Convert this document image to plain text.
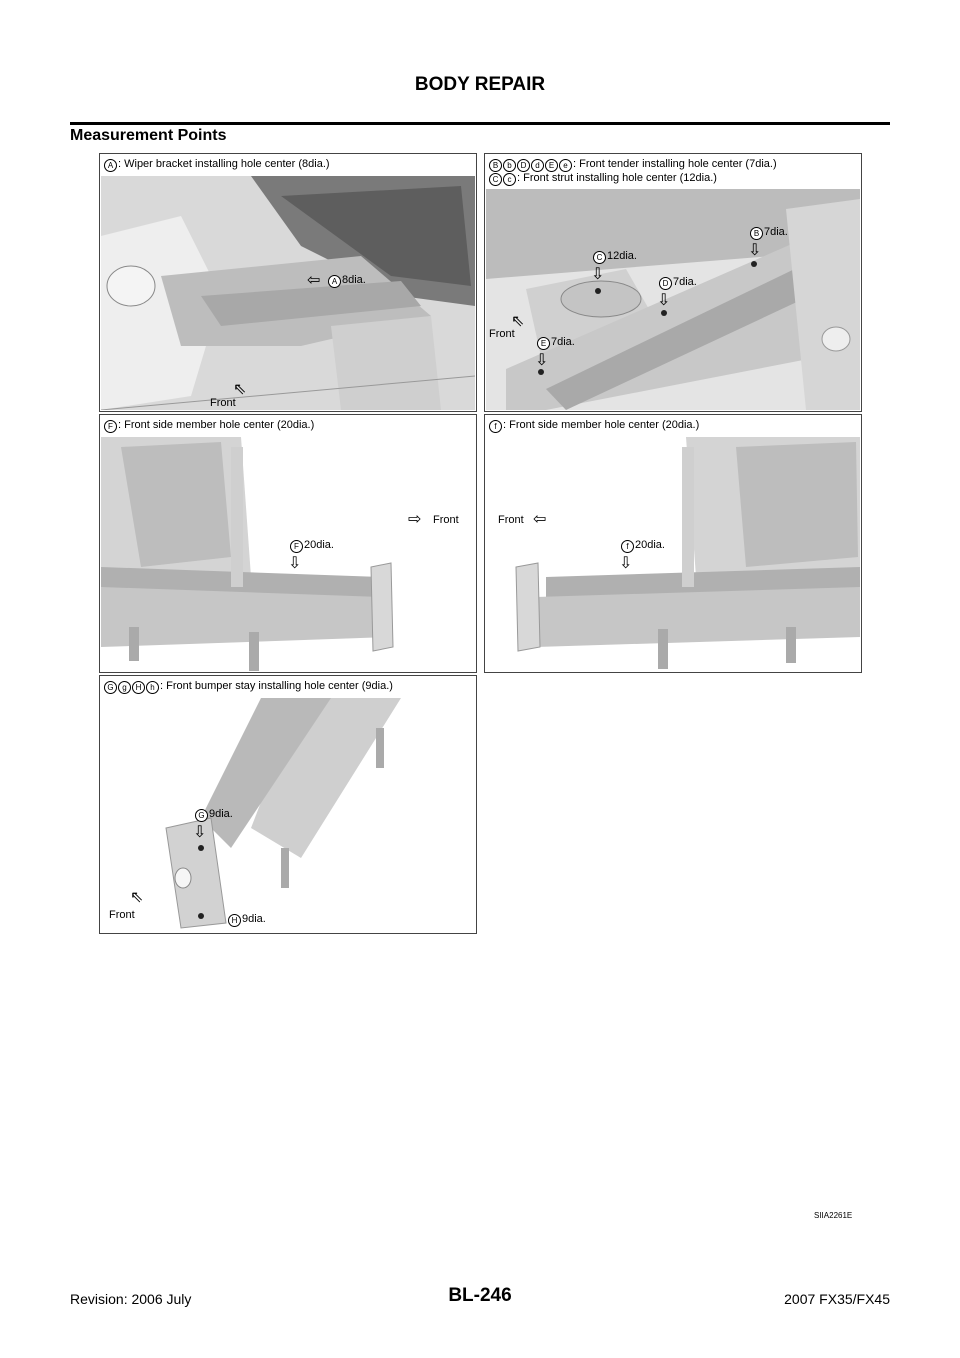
BODY REPAIR
Measurement Points
A : Wiper bracket installing hole center (8dia.)
⇖
Front
⇦	A 8dia.
B b D d E e : Front tender installing hole center (7dia.)
C c : Front strut installing hole center (12dia.)
B 7dia.
⇩
C 12dia.
⇩
D 7dia.
⇩
E 7dia.
⇩
⇖
Front
F : Front side member hole center (20dia.)
F 20dia.
⇩
⇨ Front
f : Front side member hole center (20dia.)
f 20dia.
⇩
Front ⇦
G g H h : Front bumper stay installing hole center (9dia.)
G 9dia.
⇩
H 9dia.
⇖
Front
SIIA2261E
Revision: 2006 July	BL-246	2007 FX35/FX45
